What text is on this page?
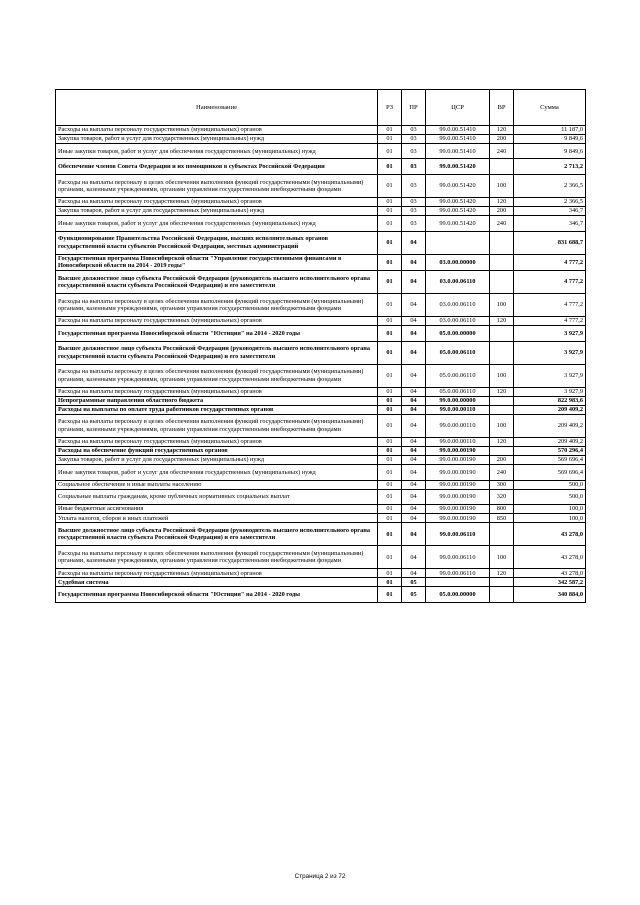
Наименование	РЗ	ПР	ЦСР	ВР	Сумма
Расходы на выплаты персоналу государственных (муниципальных) органов	01	03	99.0.00.51410	120	11 187,0
Закупка товаров, работ и услуг для государственных (муниципальных) нужд	01	03	99.0.00.51410	200	9 849,6
Иные закупки товаров, работ и услуг для обеспечения государственных (муниципальных) нужд	01	03	99.0.00.51410	240	9 849,6
Обеспечение членов Совета Федерации и их помощников в субъектах Российской Федерации	01	03	99.0.00.51420		2 713,2
Расходы на выплаты персоналу в целях обеспечения выполнения функций государственными (муниципальными) органами, казенными учреждениями, органами управления государственными внебюджетными фондами	01	03	99.0.00.51420	100	2 366,5
Расходы на выплаты персоналу государственных (муниципальных) органов	01	03	99.0.00.51420	120	2 366,5
Закупка товаров, работ и услуг для государственных (муниципальных) нужд	01	03	99.0.00.51420	200	346,7
Иные закупки товаров, работ и услуг для обеспечения государственных (муниципальных) нужд	01	03	99.0.00.51420	240	346,7
Функционирование Правительства Российской Федерации, высших исполнительных органов государственной власти субъектов Российской Федерации, местных администраций	01	04			831 688,7
Государственная программа Новосибирской области "Управление государственными финансами в Новосибирской области на 2014 - 2019 годы"	01	04	03.0.00.00000		4 777,2
Высшее должностное лицо субъекта Российской Федерации (руководитель высшего исполнительного органа государственной власти субъекта Российской Федерации) и его заместители	01	04	03.0.00.06110		4 777,2
Расходы на выплаты персоналу в целях обеспечения выполнения функций государственными (муниципальными) органами, казенными учреждениями, органами управления государственными внебюджетными фондами	01	04	03.0.00.06110	100	4 777,2
Расходы на выплаты персоналу государственных (муниципальных) органов	01	04	03.0.00.06110	120	4 777,2
Государственная программа Новосибирской области "Юстиция" на 2014 - 2020 годы	01	04	05.0.00.00000		3 927,9
Высшее должностное лицо субъекта Российской Федерации (руководитель высшего исполнительного органа государственной власти субъекта Российской Федерации) и его заместители	01	04	05.0.00.06110		3 927,9
Расходы на выплаты персоналу в целях обеспечения выполнения функций государственными (муниципальными) органами, казенными учреждениями, органами управления государственными внебюджетными фондами	01	04	05.0.00.06110	100	3 927,9
Расходы на выплаты персоналу государственных (муниципальных) органов	01	04	05.0.00.06110	120	3 927,9
Непрограммные направления областного бюджета	01	04	99.0.00.00000		822 983,6
Расходы на выплаты по оплате труда работников государственных органов	01	04	99.0.00.00110		209 409,2
Расходы на выплаты персоналу в целях обеспечения выполнения функций государственными (муниципальными) органами, казенными учреждениями, органами управления государственными внебюджетными фондами	01	04	99.0.00.00110	100	209 409,2
Расходы на выплаты персоналу государственных (муниципальных) органов	01	04	99.0.00.00110	120	209 409,2
Расходы на обеспечение функций государственных органов	01	04	99.0.00.00190		570 296,4
Закупка товаров, работ и услуг для государственных (муниципальных) нужд	01	04	99.0.00.00190	200	569 696,4
Иные закупки товаров, работ и услуг для обеспечения государственных (муниципальных) нужд	01	04	99.0.00.00190	240	569 696,4
Социальное обеспечение и иные выплаты населению	01	04	99.0.00.00190	300	500,0
Социальные выплаты гражданам, кроме публичных нормативных социальных выплат	01	04	99.0.00.00190	320	500,0
Иные бюджетные ассигнования	01	04	99.0.00.00190	800	100,0
Уплата налогов, сборов и иных платежей	01	04	99.0.00.00190	850	100,0
Высшее должностное лицо субъекта Российской Федерации (руководитель высшего исполнительного органа государственной власти субъекта Российской Федерации) и его заместители	01	04	99.0.00.06110		43 278,0
Расходы на выплаты персоналу в целях обеспечения выполнения функций государственными (муниципальными) органами, казенными учреждениями, органами управления государственными внебюджетными фондами	01	04	99.0.00.06110	100	43 278,0
Расходы на выплаты персоналу государственных (муниципальных) органов	01	04	99.0.00.06110	120	43 278,0
Судебная система	01	05			342 587,2
Государственная программа Новосибирской области "Юстиция" на 2014 - 2020 годы	01	05	05.0.00.00000		340 884,0
Страница 2 из 72
